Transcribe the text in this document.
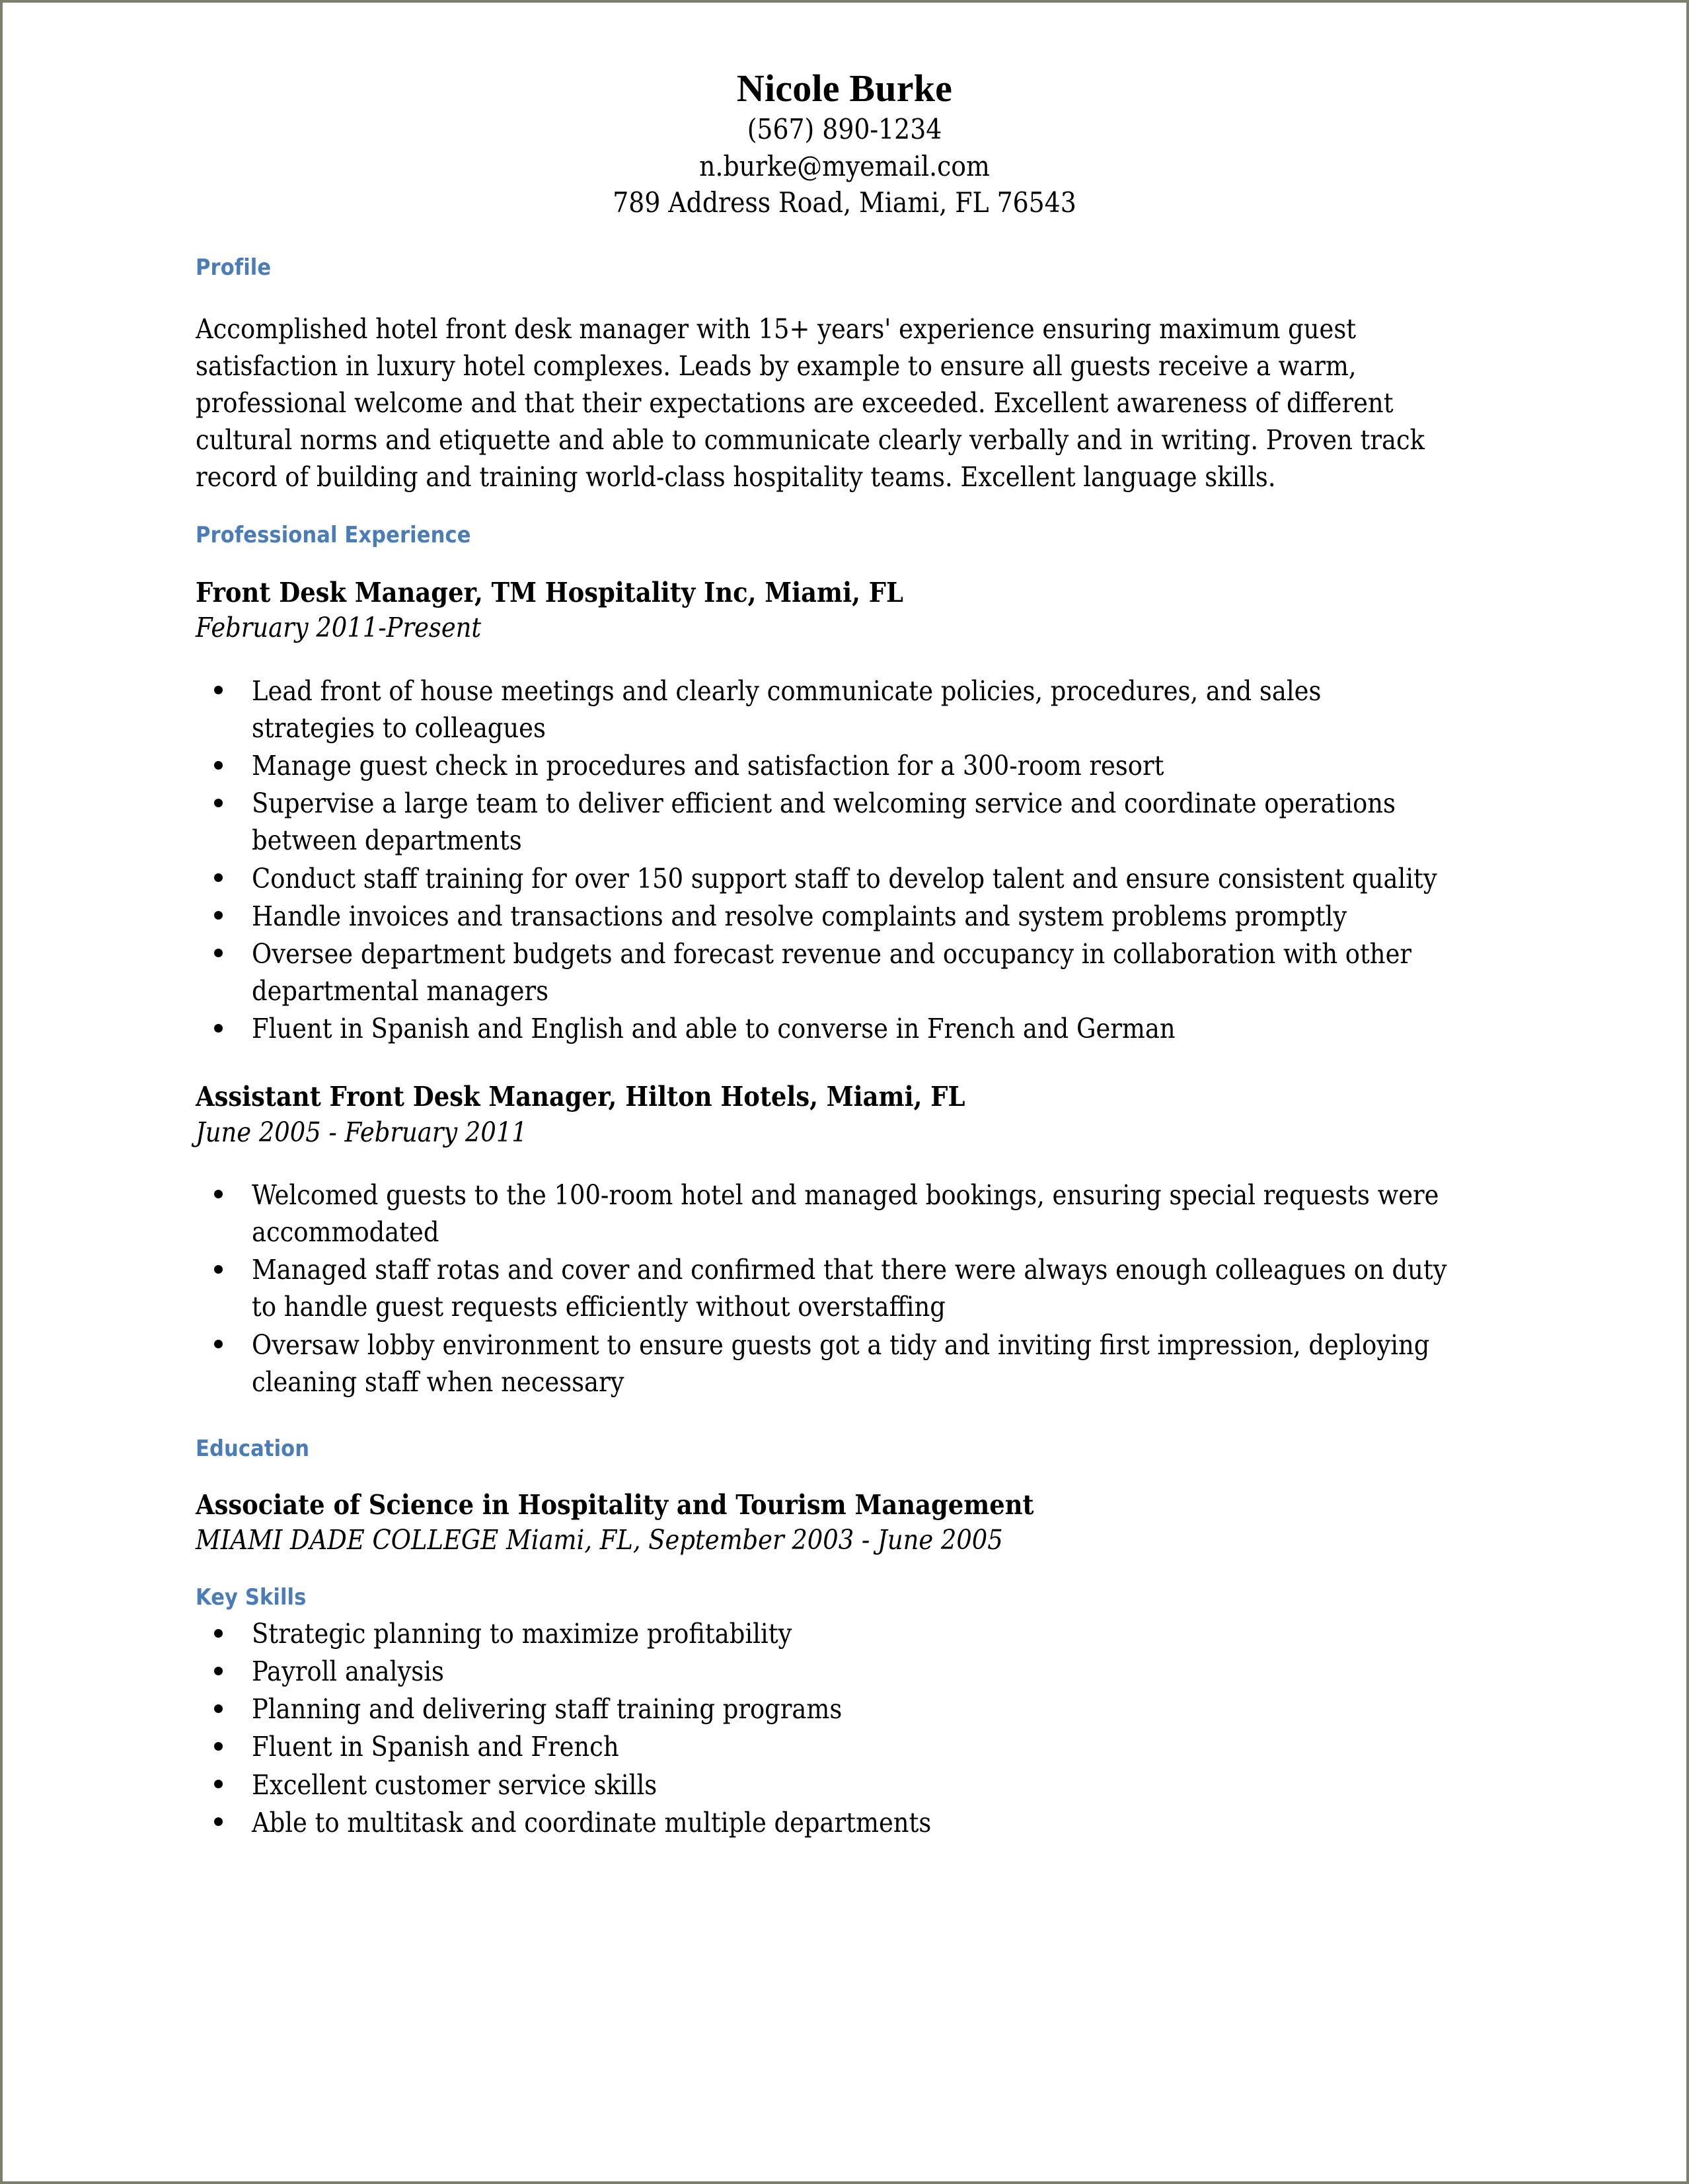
Nicole Burke
(567) 890-1234
n.burke@myemail.com
789 Address Road, Miami, FL 76543
Profile
Accomplished hotel front desk manager with 15+ years' experience ensuring maximum guest satisfaction in luxury hotel complexes. Leads by example to ensure all guests receive a warm, professional welcome and that their expectations are exceeded. Excellent awareness of different cultural norms and etiquette and able to communicate clearly verbally and in writing. Proven track record of building and training world-class hospitality teams. Excellent language skills.
Professional Experience
Front Desk Manager, TM Hospitality Inc, Miami, FL
February 2011-Present
Lead front of house meetings and clearly communicate policies, procedures, and sales strategies to colleagues
Manage guest check in procedures and satisfaction for a 300-room resort
Supervise a large team to deliver efficient and welcoming service and coordinate operations between departments
Conduct staff training for over 150 support staff to develop talent and ensure consistent quality
Handle invoices and transactions and resolve complaints and system problems promptly
Oversee department budgets and forecast revenue and occupancy in collaboration with other departmental managers
Fluent in Spanish and English and able to converse in French and German
Assistant Front Desk Manager, Hilton Hotels, Miami, FL
June 2005 - February 2011
Welcomed guests to the 100-room hotel and managed bookings, ensuring special requests were accommodated
Managed staff rotas and cover and confirmed that there were always enough colleagues on duty to handle guest requests efficiently without overstaffing
Oversaw lobby environment to ensure guests got a tidy and inviting first impression, deploying cleaning staff when necessary
Education
Associate of Science in Hospitality and Tourism Management
MIAMI DADE COLLEGE Miami, FL, September 2003 - June 2005
Key Skills
Strategic planning to maximize profitability
Payroll analysis
Planning and delivering staff training programs
Fluent in Spanish and French
Excellent customer service skills
Able to multitask and coordinate multiple departments
